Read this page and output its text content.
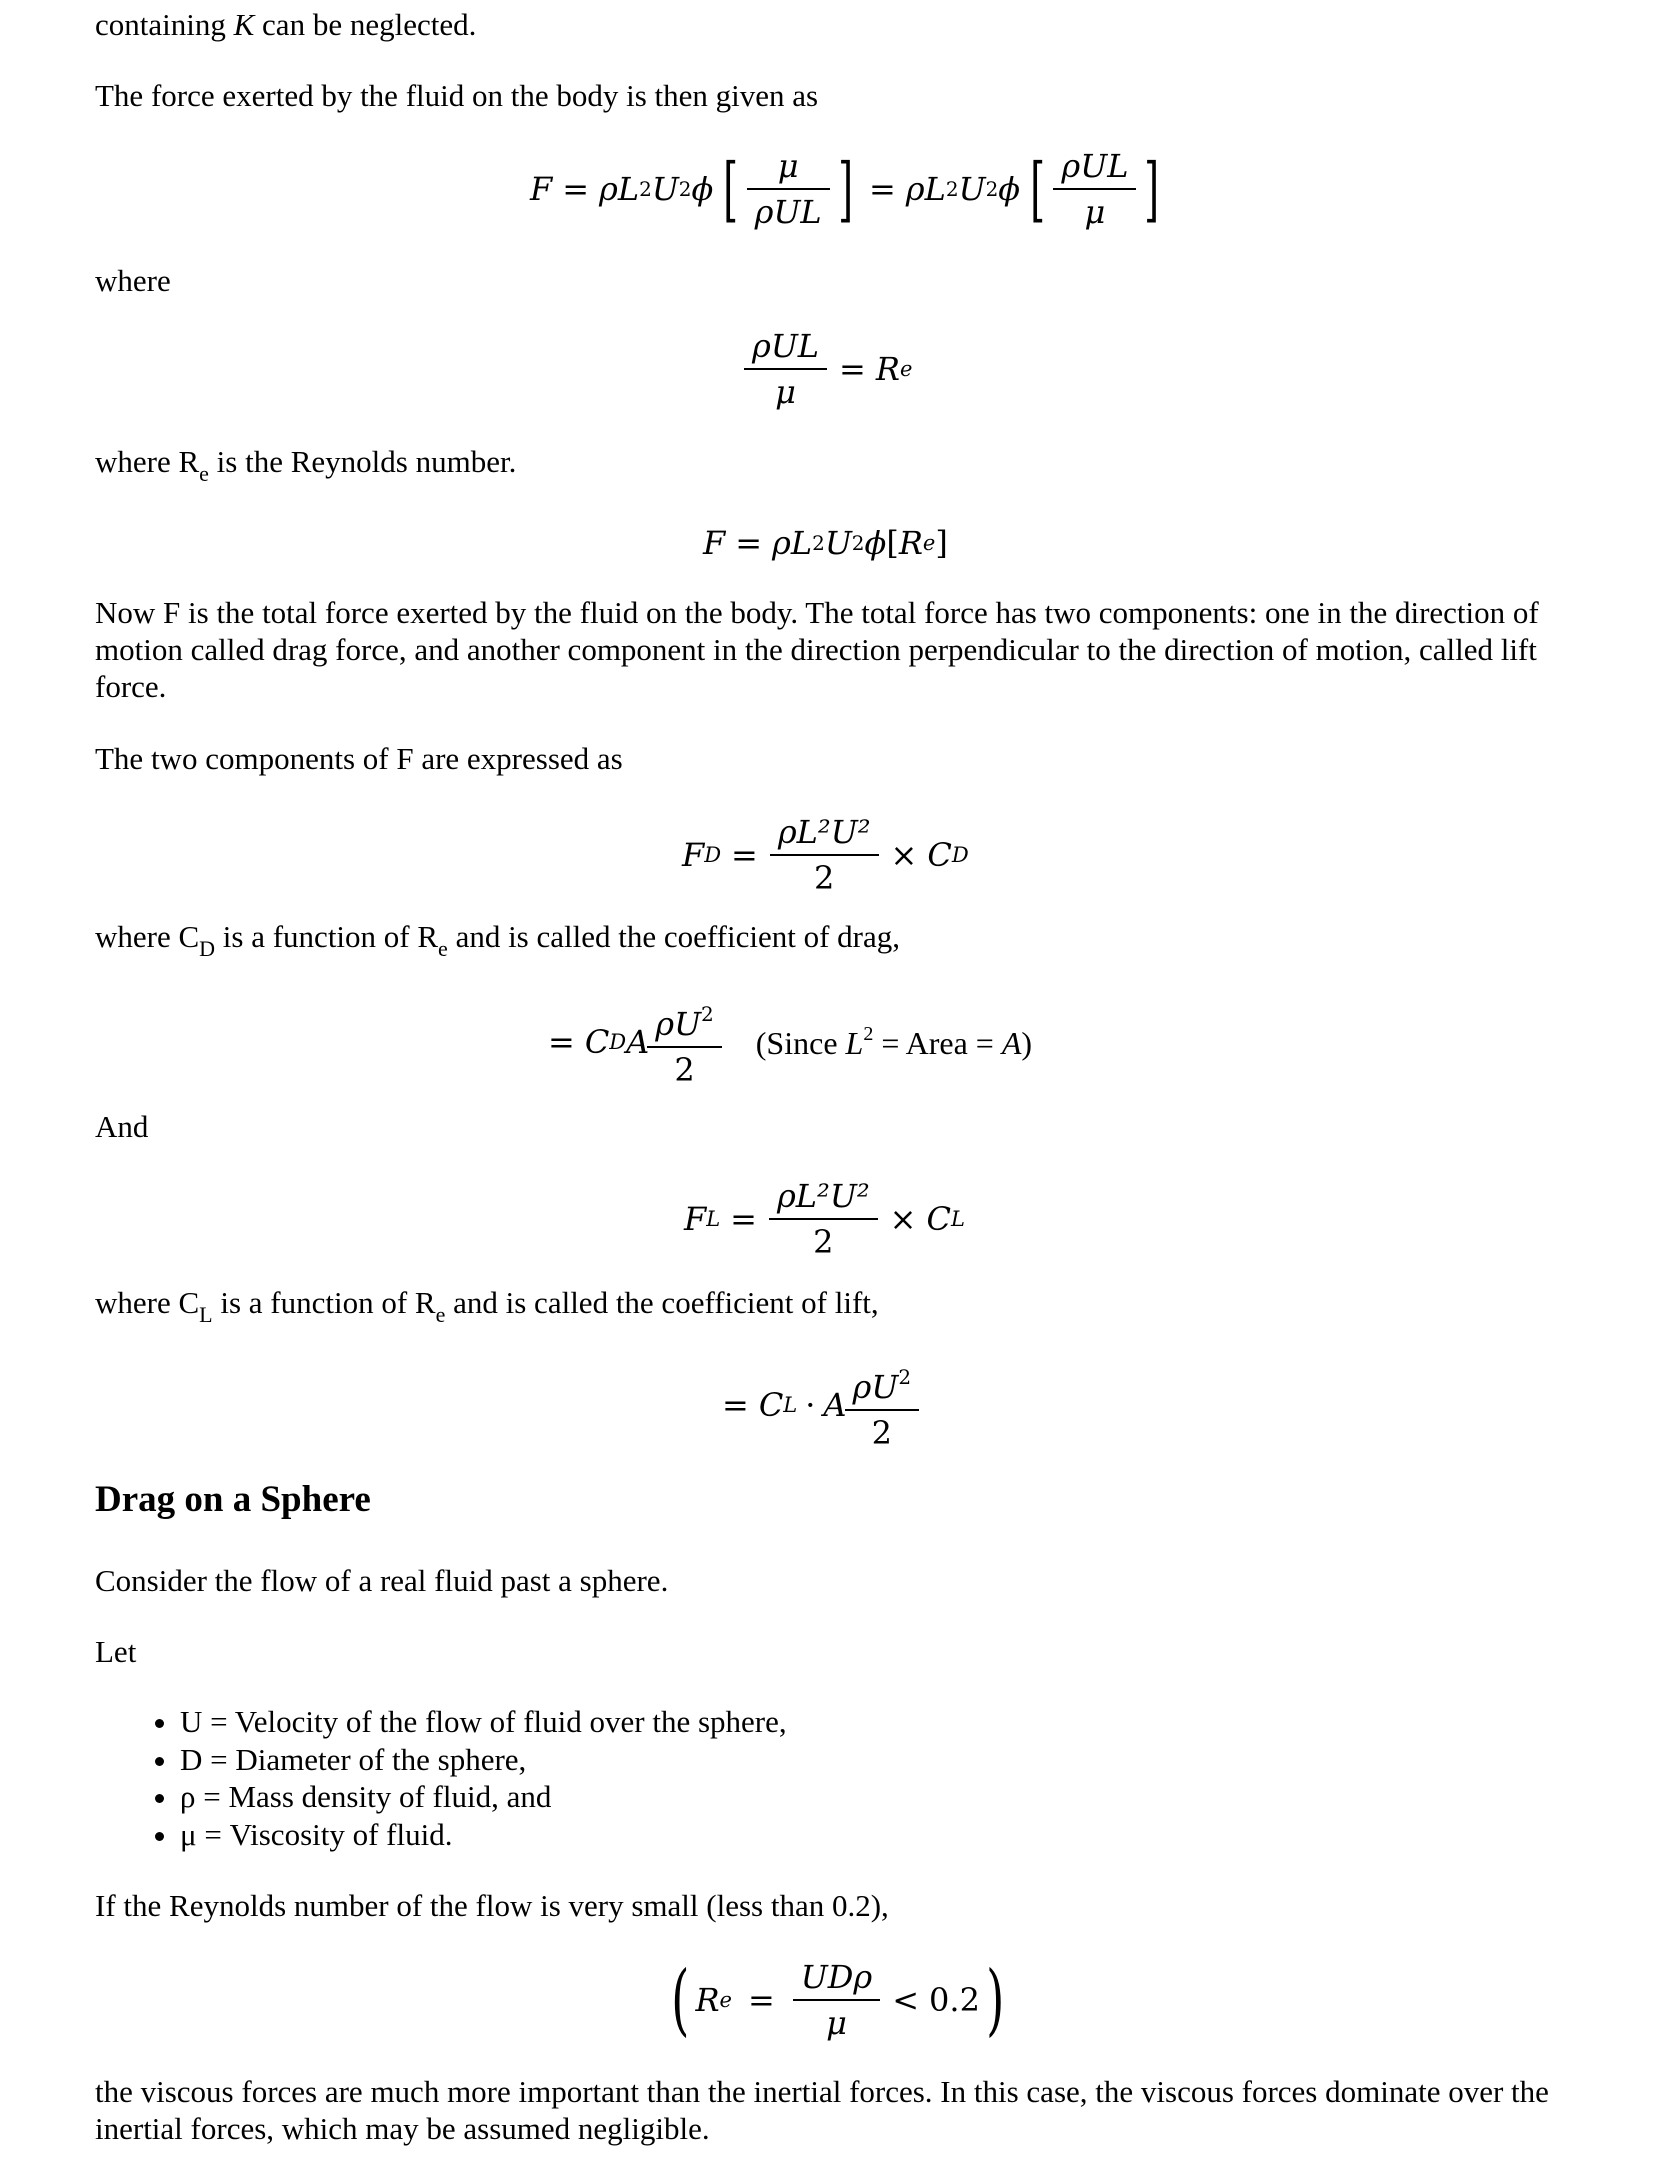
containing K can be neglected.
The force exerted by the fluid on the body is then given as
F = ρ L 2 U 2 ϕ [ $\frac{\mu}{\text{ρUL}}$ ] = ρ L 2 U 2 ϕ [ $\frac{\text{ρUL}}{\mu}$ ]
where
$\frac{\text{ρUL}}{\mu} = R$ e
where $R_e$ is the Reynolds number.
F = ρ L 2 U 2 ϕ [ R e ]
Now F is the total force exerted by the fluid on the body. The total force has two components: one in the direction of motion called drag force, and another component in the direction perpendicular to the direction of motion, called lift force.
The two components of F are expressed as
F $D = \frac{\text{ρL²U²}}{2} \times C$ D
where $C_D$ is a function of $R_e$ and is called the coefficient of drag,
= C D A $\frac{\rho U^2}{2}$ (Since $L^2$ = Area = A)
And
F $L = \frac{\text{ρL²U²}}{2} \times C$ L
where $C_L$ is a function of $R_e$ and is called the coefficient of lift,
= C L · A $\frac{\rho U^2}{2}$
Drag on a Sphere
Consider the flow of a real fluid past a sphere.
Let
• U = Velocity of the flow of fluid over the sphere,
• D = Diameter of the sphere,
• ρ = Mass density of fluid, and
• μ = Viscosity of fluid.
If the Reynolds number of the flow is very small (less than 0.2),
( R $e = \frac{\text{UDρ}}{\mu} < 0.2$ )
the viscous forces are much more important than the inertial forces. In this case, the viscous forces dominate over the inertial forces, which may be assumed negligible.
